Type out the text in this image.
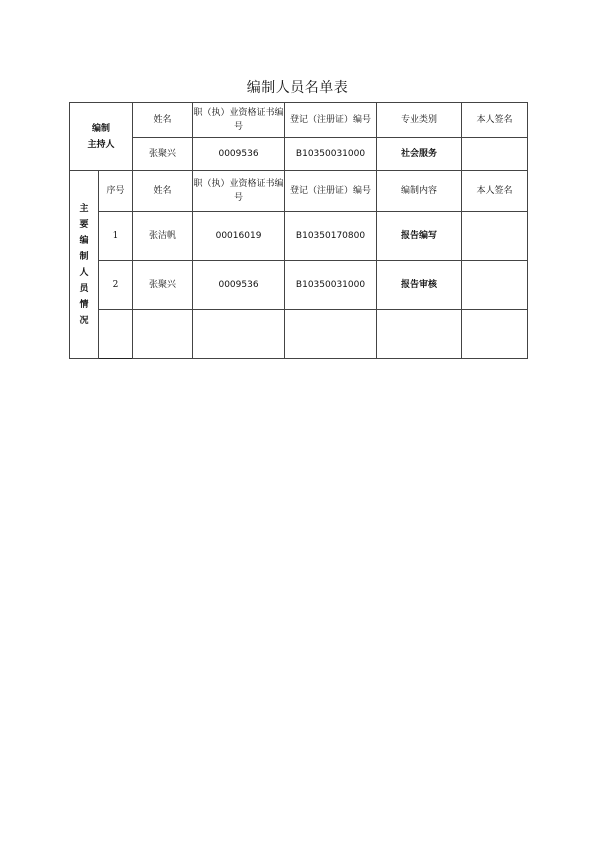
编制人员名单表
编制
主持人		姓名	职（执）业资格证书编号	登记（注册证）编号	专业类别	本人签名
		张聚兴	0009536	B10350031000	社会服务	
主要编制人员情况	序号	姓名	职（执）业资格证书编号	登记（注册证）编号	编制内容	本人签名
	1	张洁帆	00016019	B10350170800	报告编写	
	2	张聚兴	0009536	B10350031000	报告审核	
